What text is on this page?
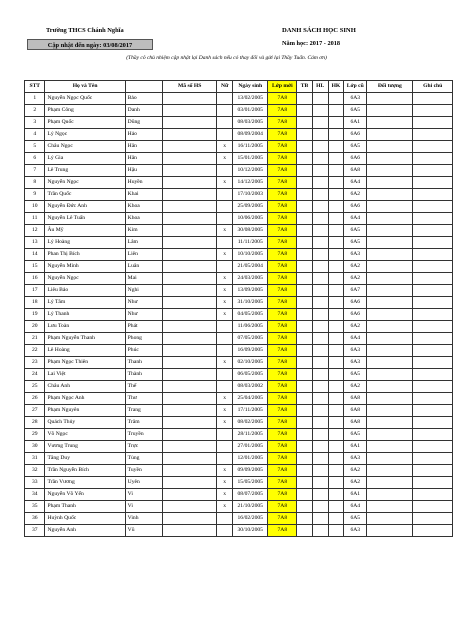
Trường THCS Chánh Nghĩa
Cập nhật đến ngày: 03/08/2017
DANH SÁCH HỌC SINH
Năm học: 2017 - 2018
(Thầy cô chủ nhiệm cập nhật lại Danh sách nếu có thay đổi và gửi lại Thầy Tuấn. Cám ơn)
STT	Họ và Tên		Mã số HS	Nữ	Ngày sinh	Lớp mới	TB	HL	HK	Lớp cũ	Đối tượng	Ghi chú
1	Nguyễn Ngọc Quốc	Bảo			13/02/2005	7A8				6A3		
2	Phạm Công	Danh			03/01/2005	7A8				6A5		
3	Phạm Quốc	Dũng			08/03/2005	7A8				6A1		
4	Lý Ngọc	Hảo			08/09/2004	7A8				6A6		
5	Châu Ngọc	Hân		x	16/11/2005	7A8				6A5		
6	Lý Gia	Hân		x	15/01/2005	7A8				6A6		
7	Lê Trung	Hậu			10/12/2005	7A8				6A8		
8	Nguyễn Ngọc	Huyền		x	14/12/2005	7A8				6A4		
9	Trần Quốc	Khai			17/10/2003	7A8				6A2		
10	Nguyễn Đức Anh	Khoa			25/09/2005	7A8				6A6		
11	Nguyễn Lê Tuấn	Khoa			10/06/2005	7A8				6A4		
12	Âu Mỹ	Kim		x	30/08/2005	7A8				6A5		
13	Lý Hoàng	Lâm			11/11/2005	7A8				6A5		
14	Phan Thị Bích	Liên		x	10/10/2005	7A8				6A3		
15	Nguyễn Minh	Luân			21/05/2004	7A8				6A2		
16	Nguyễn Ngọc	Mai		x	24/03/2005	7A8				6A2		
17	Liêu Bảo	Nghi		x	13/09/2005	7A8				6A7		
18	Lý Tâm	Như		x	31/10/2005	7A8				6A6		
19	Lý Thanh	Như		x	04/05/2005	7A8				6A6		
20	Lưu Toàn	Phát			11/06/2005	7A8				6A2		
21	Phạm Nguyễn Thanh	Phong			07/05/2005	7A8				6A4		
22	Lê Hoàng	Phúc			16/09/2005	7A8				6A3		
23	Phạm Ngọc Thiên	Thanh		x	02/10/2005	7A8				6A3		
24	Lai Việt	Thành			06/05/2005	7A8				6A5		
25	Châu Anh	Thế			08/03/2002	7A8				6A2		
26	Phạm Ngọc Anh	Thư		x	25/04/2005	7A8				6A8		
27	Phạm Nguyên	Trang		x	17/11/2005	7A8				6A8		
28	Quách Thủy	Trâm		x	08/02/2005	7A8				6A8		
29	Võ Ngọc	Truyền			28/11/2005	7A8				6A5		
30	Vương Trung	Trực			27/01/2005	7A8				6A1		
31	Tăng Duy	Tùng			12/01/2005	7A8				6A3		
32	Trần Nguyễn Bích	Tuyền		x	09/09/2005	7A8				6A2		
33	Trần Vương	Uyên		x	15/05/2005	7A8				6A2		
34	Nguyễn Võ Yến	Vi		x	08/07/2005	7A8				6A1		
35	Phạm Thanh	Vi		x	21/10/2005	7A8				6A4		
36	Huỳnh Quốc	Vinh			16/02/2005	7A8				6A5		
37	Nguyễn Anh	Vũ			30/10/2005	7A8				6A3		
